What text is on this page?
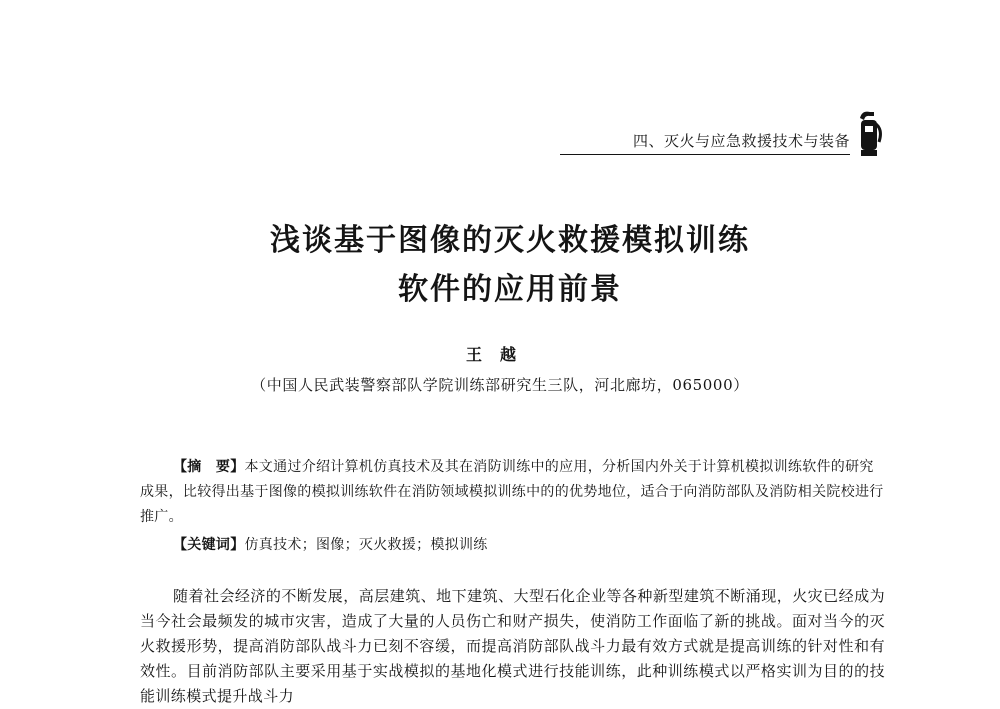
四、灭火与应急救援技术与装备
浅谈基于图像的灭火救援模拟训练
软件的应用前景
王越
（中国人民武装警察部队学院训练部研究生三队，河北廊坊，065000）

【摘　要】本文通过介绍计算机仿真技术及其在消防训练中的应用，分析国内外关于计算机模拟训练软件的研究成果，比较得出基于图像的模拟训练软件在消防领域模拟训练中的的优势地位，适合于向消防部队及消防相关院校进行推广。

【关键词】仿真技术；图像；灭火救援；模拟训练

随着社会经济的不断发展，高层建筑、地下建筑、大型石化企业等各种新型建筑不断涌现，火灾已经成为当今社会最频发的城市灾害，造成了大量的人员伤亡和财产损失，使消防工作面临了新的挑战。面对当今的灭火救援形势，提高消防部队战斗力已刻不容缓，而提高消防部队战斗力最有效方式就是提高训练的针对性和有效性。目前消防部队主要采用基于实战模拟的基地化模式进行技能训练，此种训练模式以严格实训为目的的技能训练模式提升战斗力
